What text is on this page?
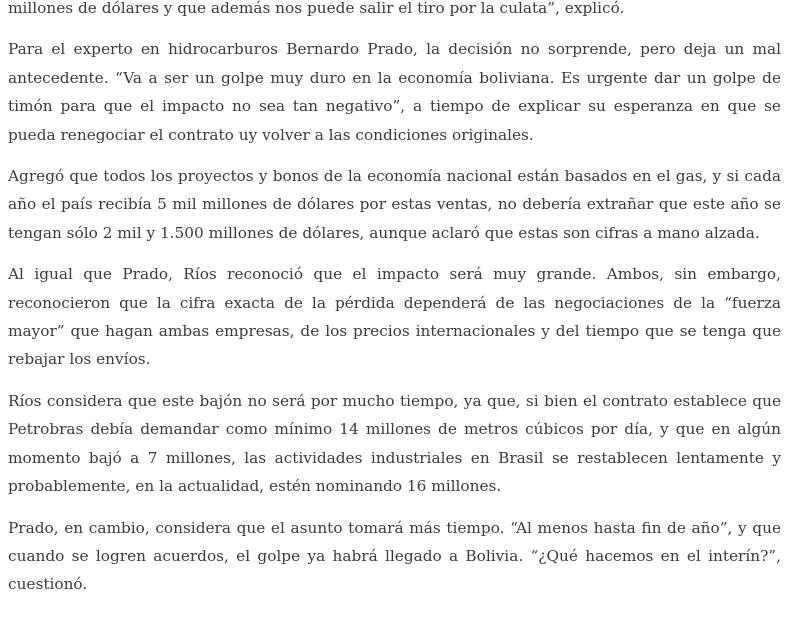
millones de dólares y que además nos puede salir el tiro por la culata”, explicó.

Para el experto en hidrocarburos Bernardo Prado, la decisión no sorprende, pero deja un mal antecedente. “Va a ser un golpe muy duro en la economía boliviana. Es urgente dar un golpe de timón para que el impacto no sea tan negativo”, a tiempo de explicar su esperanza en que se pueda renegociar el contrato uy volver a las condiciones originales.

Agregó que todos los proyectos y bonos de la economía nacional están basados en el gas, y si cada año el país recibía 5 mil millones de dólares por estas ventas, no debería extrañar que este año se tengan sólo 2 mil y 1.500 millones de dólares, aunque aclaró que estas son cifras a mano alzada.

Al igual que Prado, Ríos reconoció que el impacto será muy grande. Ambos, sin embargo, reconocieron que la cifra exacta de la pérdida dependerá de las negociaciones de la “fuerza mayor” que hagan ambas empresas, de los precios internacionales y del tiempo que se tenga que rebajar los envíos.

Ríos considera que este bajón no será por mucho tiempo, ya que, si bien el contrato establece que Petrobras debía demandar como mínimo 14 millones de metros cúbicos por día, y que en algún momento bajó a 7 millones, las actividades industriales en Brasil se restablecen lentamente y probablemente, en la actualidad, estén nominando 16 millones.

Prado, en cambio, considera que el asunto tomará más tiempo. “Al menos hasta fin de año”, y que cuando se logren acuerdos, el golpe ya habrá llegado a Bolivia. “¿Qué hacemos en el interín?”, cuestionó.
